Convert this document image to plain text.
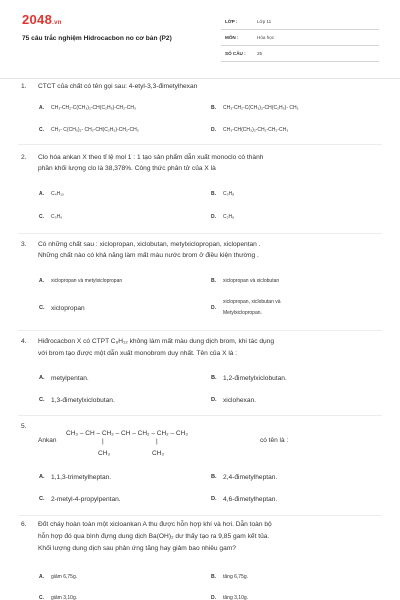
2048.vn
75 câu trắc nghiệm Hidrocacbon no cơ bản (P2)
LỚP :	Lớp 11
MÔN :	Hóa học
SỐ CÂU : 25
1. CTCT của chất có tên gọi sau: 4-etyl-3,3-đimetylhexan
A. CH₃-CH₂-C(CH₃)₂-CH(C₂H₅)-CH₂-CH₃	B. CH₃-CH₂-C(CH₃)₂-CH(C₂H₅)- CH₃
C. CH₃- C(CH₃)₂- CH₂-CH(C₂H₅)-CH₂-CH₃	D. CH₃-CH(CH₃)₂-CH₂-CH₂-CH₃
2. Clo hóa ankan X theo tỉ lệ mol 1 : 1 tạo sản phẩm dẫn xuất monoclo có thành
phần khối lượng clo là 38,378%. Công thức phân tử của X là
A. C₄H₁₀	B. C₃H₈
C. C₃H₆	D. C₂H₆
3. Có những chất sau : xiclopropan, xiclobutan, metylxiclopropan, xiclopentan .
Những chất nào có khả năng làm mất màu nước brom ở điều kiện thường .
A. xiclopropan và metylxiclopropan	B. xiclopropan và xiclobutan
C. xiclopropan	D.
xiclopropan, xiclobutan và
Metylxiclopropan.
4. Hiđrocacbon X có CTPT C₆H₁₂ không làm mất màu dung dịch brom, khi tác dụng
với brom tạo được một dẫn xuất monobrom duy nhất. Tên của X là :
A. metylpentan.	B. 1,2-đimetylxiclobutan.
C. 1,3-đimetylxiclobutan.	D. xiclohexan.
5.
Ankan
CH₃ – CH – CH₂ – CH – CH₂ – CH₂ – CH₃
có tên là :
|
CH₃
|
CH₃
A. 1,1,3-trimetylheptan.	B. 2,4-đimetylheptan.
C. 2-metyl-4-propylpentan.	D. 4,6-đimetylheptan.
6. Đốt cháy hoàn toàn một xicloankan A thu được hỗn hợp khí và hơi. Dẫn toàn bộ
hỗn hợp đó qua bình đựng dung dịch Ba(OH)₂ dư thấy tạo ra 9,85 gam kết tủa.
Khối lượng dung dịch sau phản ứng tăng hay giảm bao nhiêu gam?
A. giảm 6,75g.	B. tăng 6,75g.
C. giảm 3,10g.	D. tăng 3,10g.
